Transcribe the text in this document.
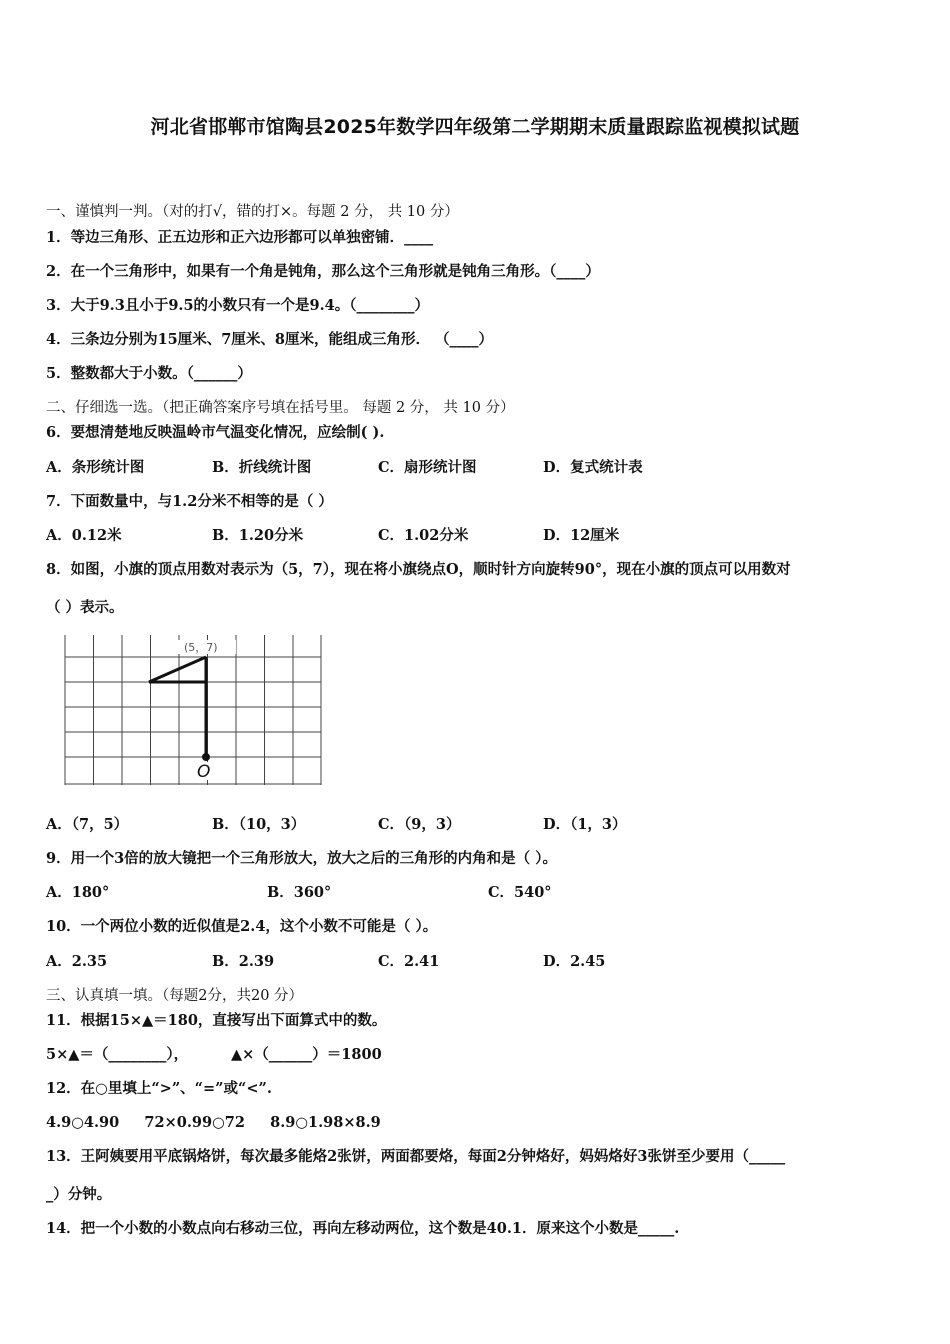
河北省邯郸市馆陶县2025年数学四年级第二学期期末质量跟踪监视模拟试题
一、谨慎判一判。（对的打√，错的打×。每题 2 分， 共 10 分）
1．等边三角形、正五边形和正六边形都可以单独密铺．____
2．在一个三角形中，如果有一个角是钝角，那么这个三角形就是钝角三角形。（____）
3．大于9.3且小于9.5的小数只有一个是9.4。（________）
4．三条边分别为15厘米、7厘米、8厘米，能组成三角形． （____）
5．整数都大于小数。（______）
二、仔细选一选。（把正确答案序号填在括号里。 每题 2 分， 共 10 分）
6．要想清楚地反映温岭市气温变化情况，应绘制( ).
A．条形统计图	B．折线统计图	C．扇形统计图	D．复式统计表
7．下面数量中，与1.2分米不相等的是（ ）
A．0.12米	B．1.20分米	C．1.02分米	D．12厘米
8．如图，小旗的顶点用数对表示为（5，7），现在将小旗绕点O，顺时针方向旋转90°，现在小旗的顶点可以用数对
（ ）表示。
(5，7)
O
A．（7，5）	B．（10，3）	C．（9，3）	D．（1，3）
9．用一个3倍的放大镜把一个三角形放大，放大之后的三角形的内角和是（ ）。
A．180°	B．360°	C．540°
10．一个两位小数的近似值是2.4，这个小数不可能是（ ）。
A．2.35	B．2.39	C．2.41	D．2.45
三、认真填一填。（每题2分，共20 分）
11．根据15×▲＝180，直接写出下面算式中的数。
5×▲＝（________），	▲×（______）＝1800
12．在○里填上“>”、“=”或“<”.
4.9○4.90     72×0.99○72     8.9○1.98×8.9
13．王阿姨要用平底锅烙饼，每次最多能烙2张饼，两面都要烙，每面2分钟烙好，妈妈烙好3张饼至少要用（_____
_）分钟。
14．把一个小数的小数点向右移动三位，再向左移动两位，这个数是40.1．原来这个小数是_____.
